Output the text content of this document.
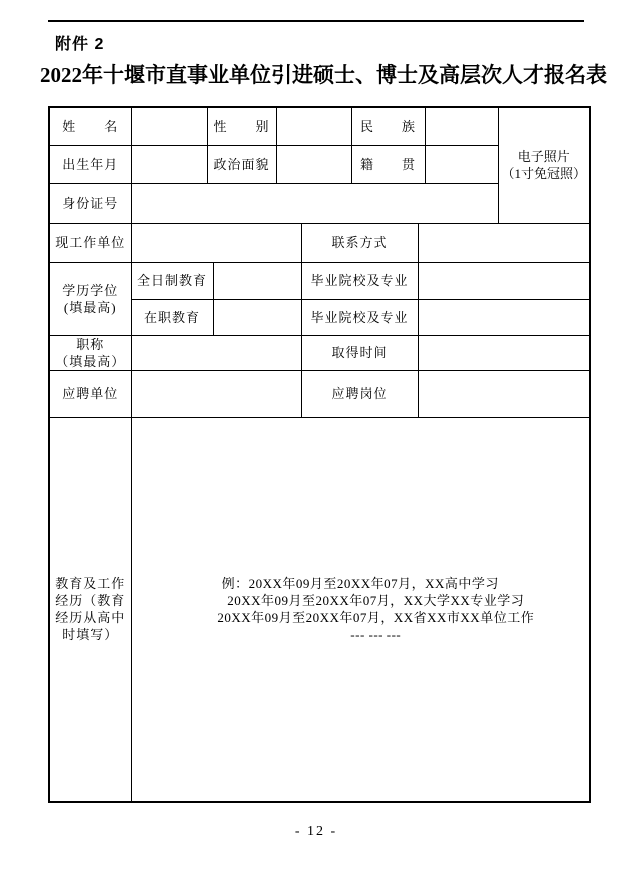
附件 2
2022年十堰市直事业单位引进硕士、博士及高层次人才报名表
姓　　名		性　　别				民　　族			电子照片
（1寸免冠照）

出生年月		政治面貌				籍　　贯			
身份证号									
现工作单位					联系方式				

学历学位
(填最高)	全日制教育				毕业院校及专业				
	在职教育				毕业院校及专业				

职称
（填最高）					取得时间				
应聘单位					应聘岗位				
教育及工作经历（教育经历从高中时填写）	例：20XX年09月至20XX年07月，XX高中学习
20XX年09月至20XX年07月，XX大学XX专业学习
20XX年09月至20XX年07月，XX省XX市XX单位工作
--- --- ---								
- 12 -
